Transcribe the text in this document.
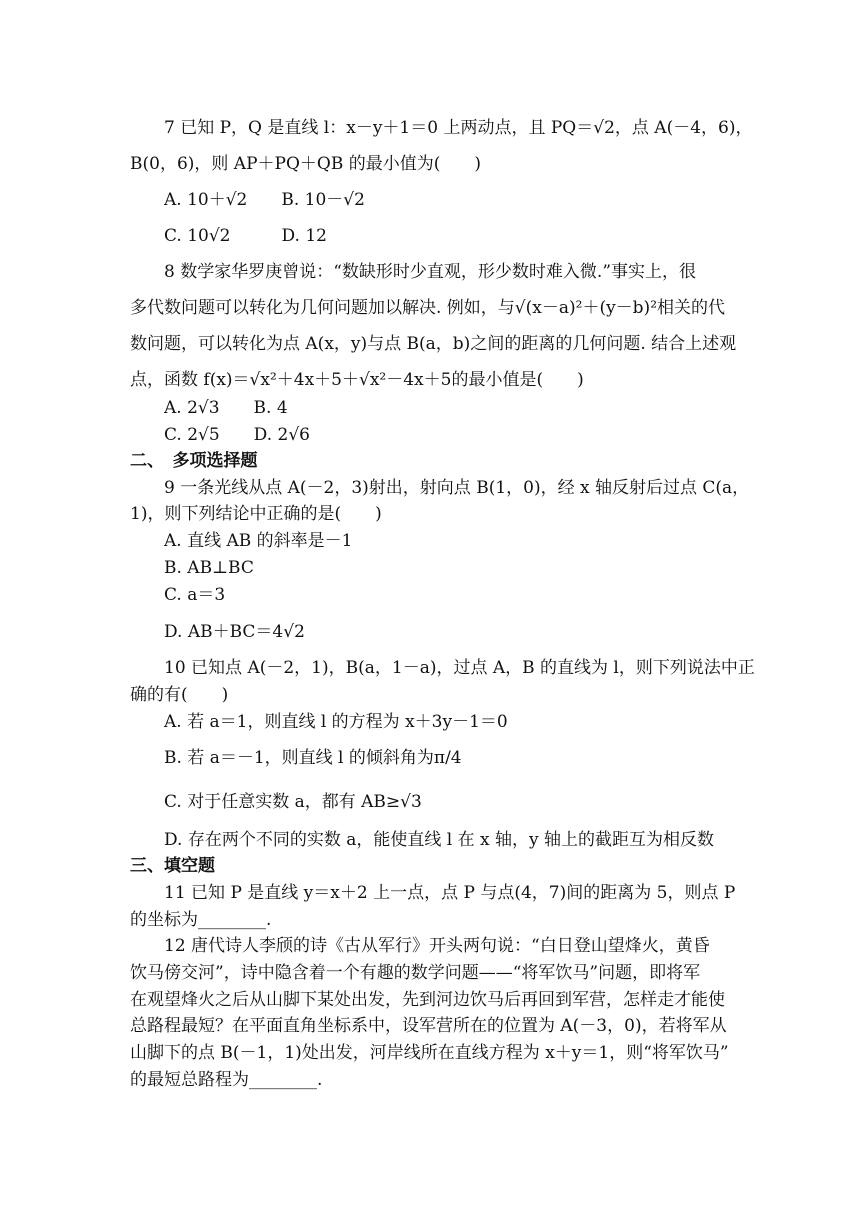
7 已知 P，Q 是直线 l：x－y＋1＝0 上两动点，且 PQ＝√2，点 A(－4，6)，
B(0，6)，则 AP＋PQ＋QB 的最小值为(　　)
A. 10＋√2　　B. 10－√2
C. 10√2　　　D. 12
8 数学家华罗庚曾说：“数缺形时少直观，形少数时难入微.”事实上，很
多代数问题可以转化为几何问题加以解决. 例如，与√(x－a)²＋(y－b)²相关的代
数问题，可以转化为点 A(x，y)与点 B(a，b)之间的距离的几何问题. 结合上述观
点，函数 f(x)＝√x²＋4x＋5＋√x²－4x＋5的最小值是(　　)
A. 2√3　　B. 4
C. 2√5　　D. 2√6
二、　多项选择题
9 一条光线从点 A(－2，3)射出，射向点 B(1，0)，经 x 轴反射后过点 C(a，
1)，则下列结论中正确的是(　　)
A. 直线 AB 的斜率是－1
B. AB⊥BC
C. a＝3
D. AB＋BC＝4√2
10 已知点 A(－2，1)，B(a，1－a)，过点 A，B 的直线为 l，则下列说法中正
确的有(　　)
A. 若 a＝1，则直线 l 的方程为 x＋3y－1＝0
B. 若 a＝－1，则直线 l 的倾斜角为π/4
C. 对于任意实数 a，都有 AB≥√3
D. 存在两个不同的实数 a，能使直线 l 在 x 轴，y 轴上的截距互为相反数
三、填空题
11 已知 P 是直线 y＝x＋2 上一点，点 P 与点(4，7)间的距离为 5，则点 P
的坐标为________.
12 唐代诗人李颀的诗《古从军行》开头两句说：“白日登山望烽火，黄昏
饮马傍交河”，诗中隐含着一个有趣的数学问题——“将军饮马”问题，即将军
在观望烽火之后从山脚下某处出发，先到河边饮马后再回到军营，怎样走才能使
总路程最短？在平面直角坐标系中，设军营所在的位置为 A(－3，0)，若将军从
山脚下的点 B(－1，1)处出发，河岸线所在直线方程为 x＋y＝1，则“将军饮马”
的最短总路程为________.
